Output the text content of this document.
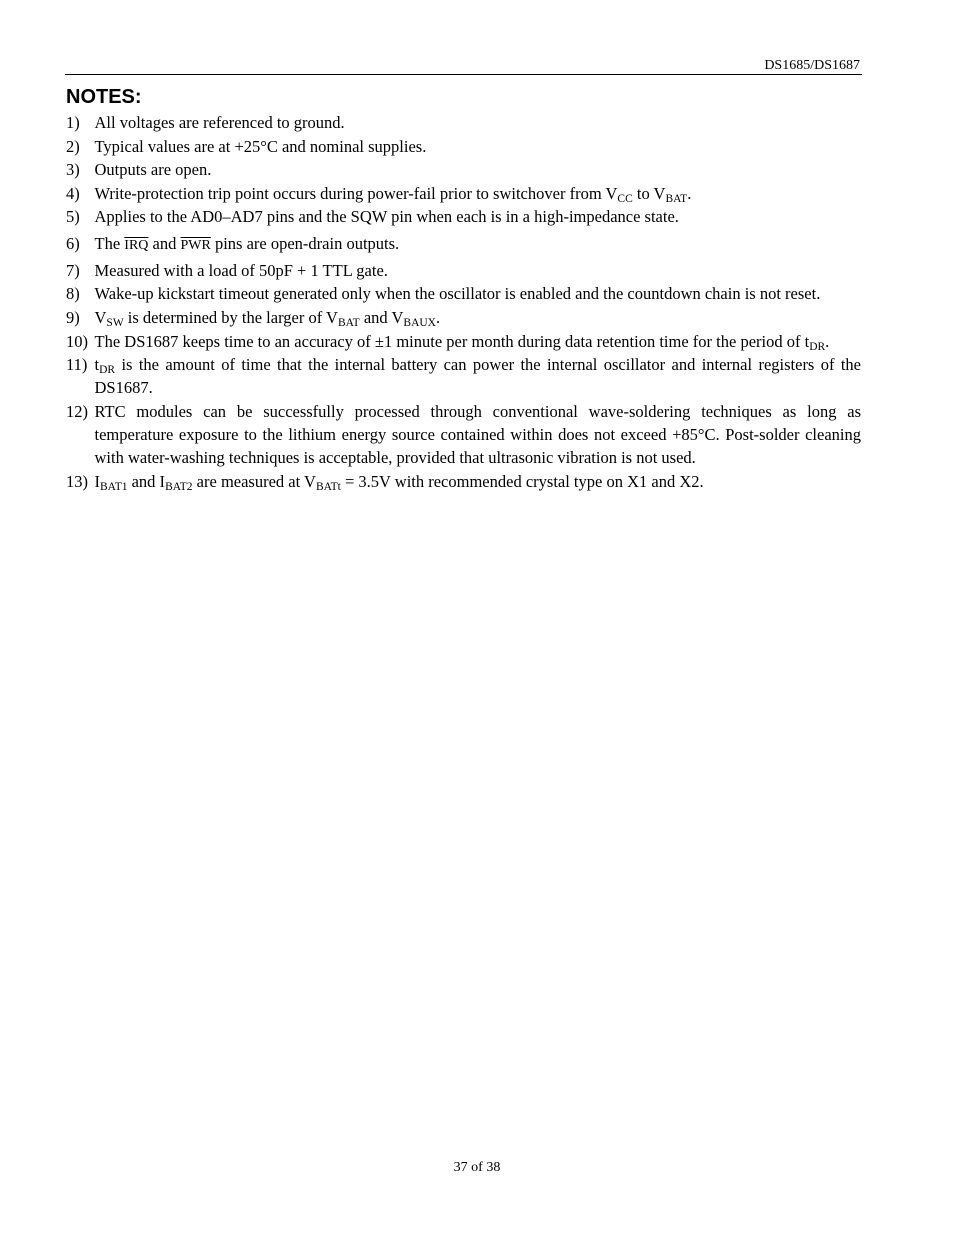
DS1685/DS1687
NOTES:
1) All voltages are referenced to ground.
2) Typical values are at +25°C and nominal supplies.
3) Outputs are open.
4) Write-protection trip point occurs during power-fail prior to switchover from $V_{CC}$ to $V_{BAT}$.
5) Applies to the AD0–AD7 pins and the SQW pin when each is in a high-impedance state.
6) The $\overline{IRQ}$ and $\overline{PWR}$ pins are open-drain outputs.
7) Measured with a load of 50pF + 1 TTL gate.
8) Wake-up kickstart timeout generated only when the oscillator is enabled and the countdown chain is not reset.
9) $V_{SW}$ is determined by the larger of $V_{BAT}$ and $V_{BAUX}$.
10) The DS1687 keeps time to an accuracy of ±1 minute per month during data retention time for the period of $t_{DR}$.
11) $t_{DR}$ is the amount of time that the internal battery can power the internal oscillator and internal registers of the DS1687.
12) RTC modules can be successfully processed through conventional wave-soldering techniques as long as temperature exposure to the lithium energy source contained within does not exceed +85°C. Post-solder cleaning with water-washing techniques is acceptable, provided that ultrasonic vibration is not used.
13) $I_{BAT1}$ and $I_{BAT2}$ are measured at $V_{BATt} = 3.5V$ with recommended crystal type on X1 and X2.
37 of 38
